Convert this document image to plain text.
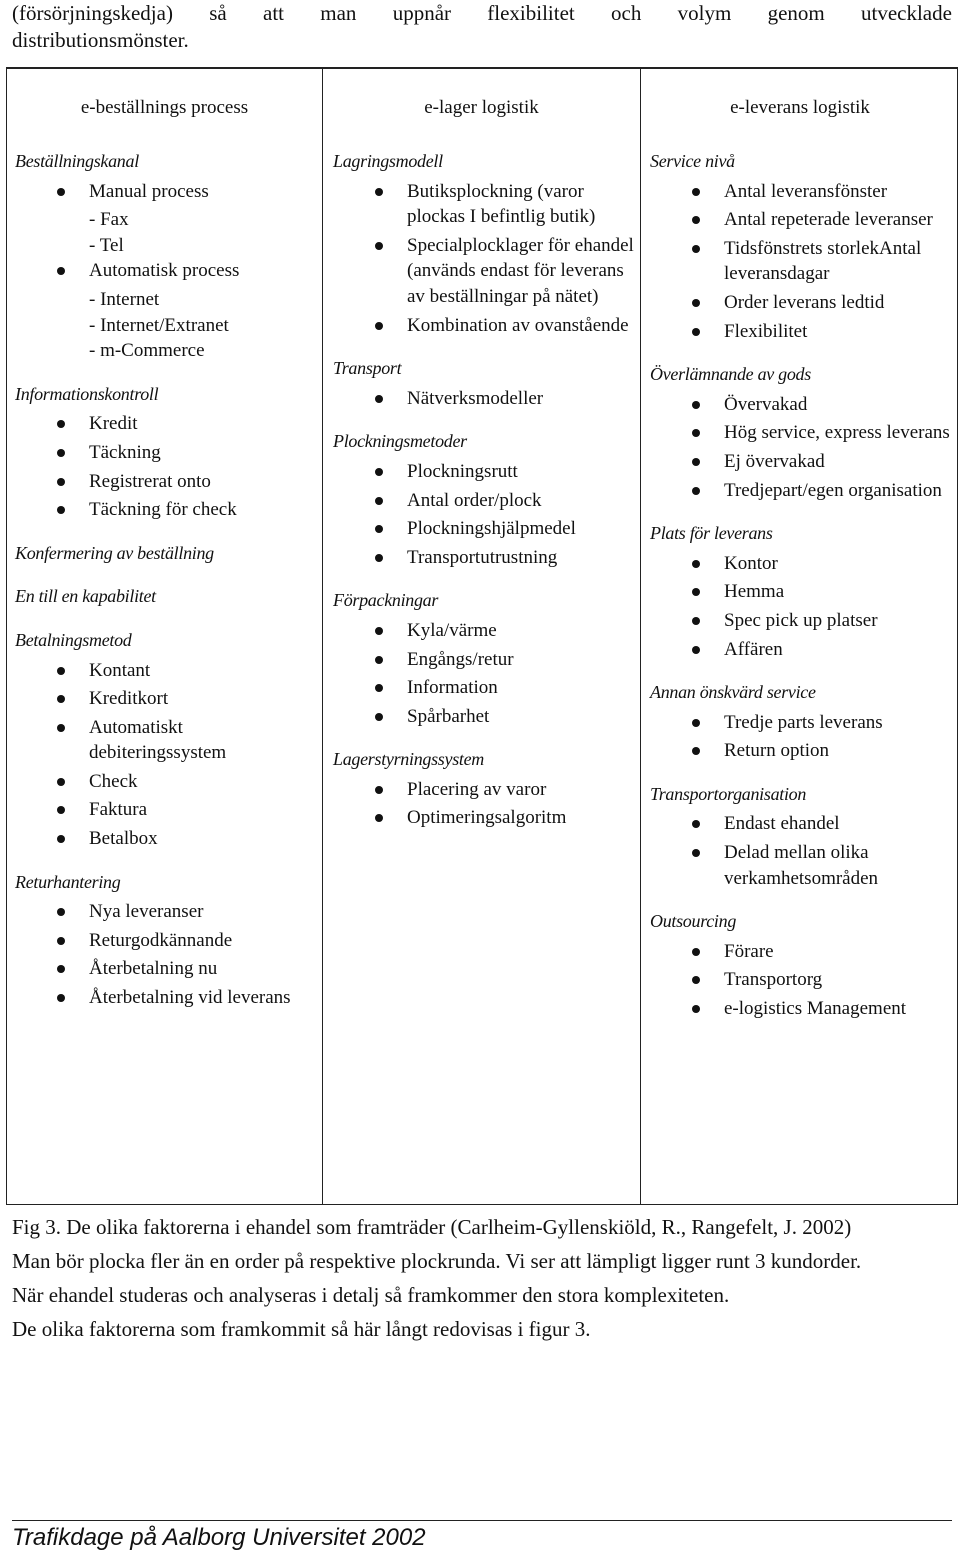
(försörjningskedja) så att man uppnår flexibilitet och volym genom utvecklade
distributionsmönster.
e-beställnings process
Beställningskanal
Manual process
- Fax
- Tel
Automatisk process
- Internet
- Internet/Extranet
- m-Commerce
Informationskontroll
Kredit
Täckning
Registrerat onto
Täckning för check
Konfermering av beställning
En till en kapabilitet
Betalningsmetod
Kontant
Kreditkort
Automatiskt debiteringssystem
Check
Faktura
Betalbox
Returhantering
Nya leveranser
Returgodkännande
Återbetalning nu
Återbetalning vid leverans
e-lager logistik
Lagringsmodell
Butiksplockning (varor plockas I befintlig butik)
Specialplocklager för ehandel (används endast för leverans av beställningar på nätet)
Kombination av ovanstående
Transport
Nätverksmodeller
Plockningsmetoder
Plockningsrutt
Antal order/plock
Plockningshjälpmedel
Transportutrustning
Förpackningar
Kyla/värme
Engångs/retur
Information
Spårbarhet
Lagerstyrningssystem
Placering av varor
Optimeringsalgoritm
e-leverans logistik
Service nivå
Antal leveransfönster
Antal repeterade leveranser
Tidsfönstrets storlekAntal leveransdagar
Order leverans ledtid
Flexibilitet
Överlämnande av gods
Övervakad
Hög service, express leverans
Ej övervakad
Tredjepart/egen organisation
Plats för leverans
Kontor
Hemma
Spec pick up platser
Affären
Annan önskvärd service
Tredje parts leverans
Return option
Transportorganisation
Endast ehandel
Delad mellan olika verkamhetsområden
Outsourcing
Förare
Transportorg
e-logistics Management

Fig 3. De olika faktorerna i ehandel som framträder (Carlheim-Gyllenskiöld, R., Rangefelt, J. 2002)

Man bör plocka fler än en order på respektive plockrunda. Vi ser att lämpligt ligger runt 3 kundorder.

När ehandel studeras och analyseras i detalj så framkommer den stora komplexiteten.

De olika faktorerna som framkommit så här långt redovisas i figur 3.

Trafikdage på Aalborg Universitet 2002
